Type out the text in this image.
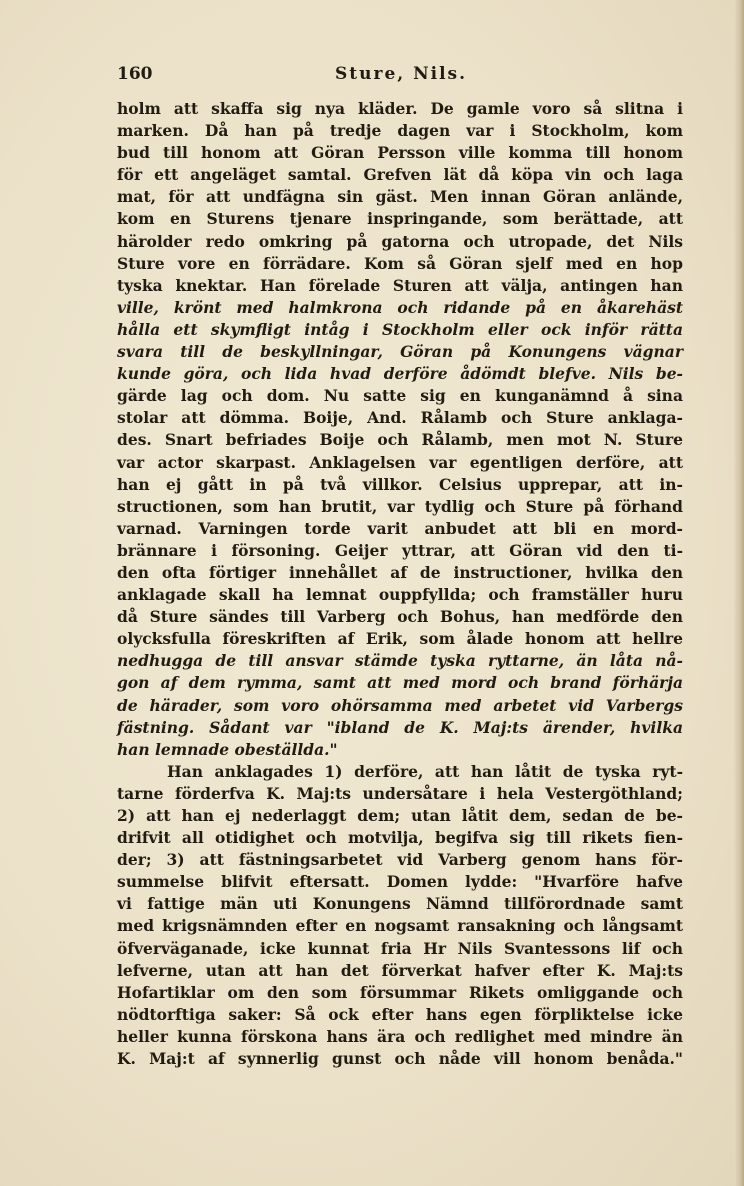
160	Sture, Nils.
holm att skaffa sig nya kläder. De gamle voro så slitna i
marken. Då han på tredje dagen var i Stockholm, kom
bud till honom att Göran Persson ville komma till honom
för ett angeläget samtal. Grefven lät då köpa vin och laga
mat, för att undfägna sin gäst. Men innan Göran anlände,
kom en Sturens tjenare inspringande, som berättade, att
härolder redo omkring på gatorna och utropade, det Nils
Sture vore en förrädare. Kom så Göran sjelf med en hop
tyska knektar. Han förelade Sturen att välja, antingen han
ville, krönt med halmkrona och ridande på en åkarehäst
hålla ett skymfligt intåg i Stockholm eller ock inför rätta
svara till de beskyllningar, Göran på Konungens vägnar
kunde göra, och lida hvad derföre ådömdt blefve. Nils be-
gärde lag och dom. Nu satte sig en kunganämnd å sina
stolar att dömma. Boije, And. Rålamb och Sture anklaga-
des. Snart befriades Boije och Rålamb, men mot N. Sture
var actor skarpast. Anklagelsen var egentligen derföre, att
han ej gått in på två villkor. Celsius upprepar, att in-
structionen, som han brutit, var tydlig och Sture på förhand
varnad. Varningen torde varit anbudet att bli en mord-
brännare i försoning. Geijer yttrar, att Göran vid den ti-
den ofta förtiger innehållet af de instructioner, hvilka den
anklagade skall ha lemnat ouppfyllda; och framställer huru
då Sture sändes till Varberg och Bohus, han medförde den
olycksfulla föreskriften af Erik, som ålade honom att hellre
nedhugga de till ansvar stämde tyska ryttarne, än låta nå-
gon af dem rymma, samt att med mord och brand förhärja
de härader, som voro ohörsamma med arbetet vid Varbergs
fästning. Sådant var "ibland de K. Maj:ts ärender, hvilka
han lemnade obeställda."
Han anklagades 1) derföre, att han låtit de tyska ryt-
tarne förderfva K. Maj:ts undersåtare i hela Vestergöthland;
2) att han ej nederlaggt dem; utan låtit dem, sedan de be-
drifvit all otidighet och motvilja, begifva sig till rikets fien-
der; 3) att fästningsarbetet vid Varberg genom hans för-
summelse blifvit eftersatt. Domen lydde: "Hvarföre hafve
vi fattige män uti Konungens Nämnd tillförordnade samt
med krigsnämnden efter en nogsamt ransakning och långsamt
öfverväganade, icke kunnat fria Hr Nils Svantessons lif och
lefverne, utan att han det förverkat hafver efter K. Maj:ts
Hofartiklar om den som försummar Rikets omliggande och
nödtorftiga saker: Så ock efter hans egen förpliktelse icke
heller kunna förskona hans ära och redlighet med mindre än
K. Maj:t af synnerlig gunst och nåde vill honom benåda."
